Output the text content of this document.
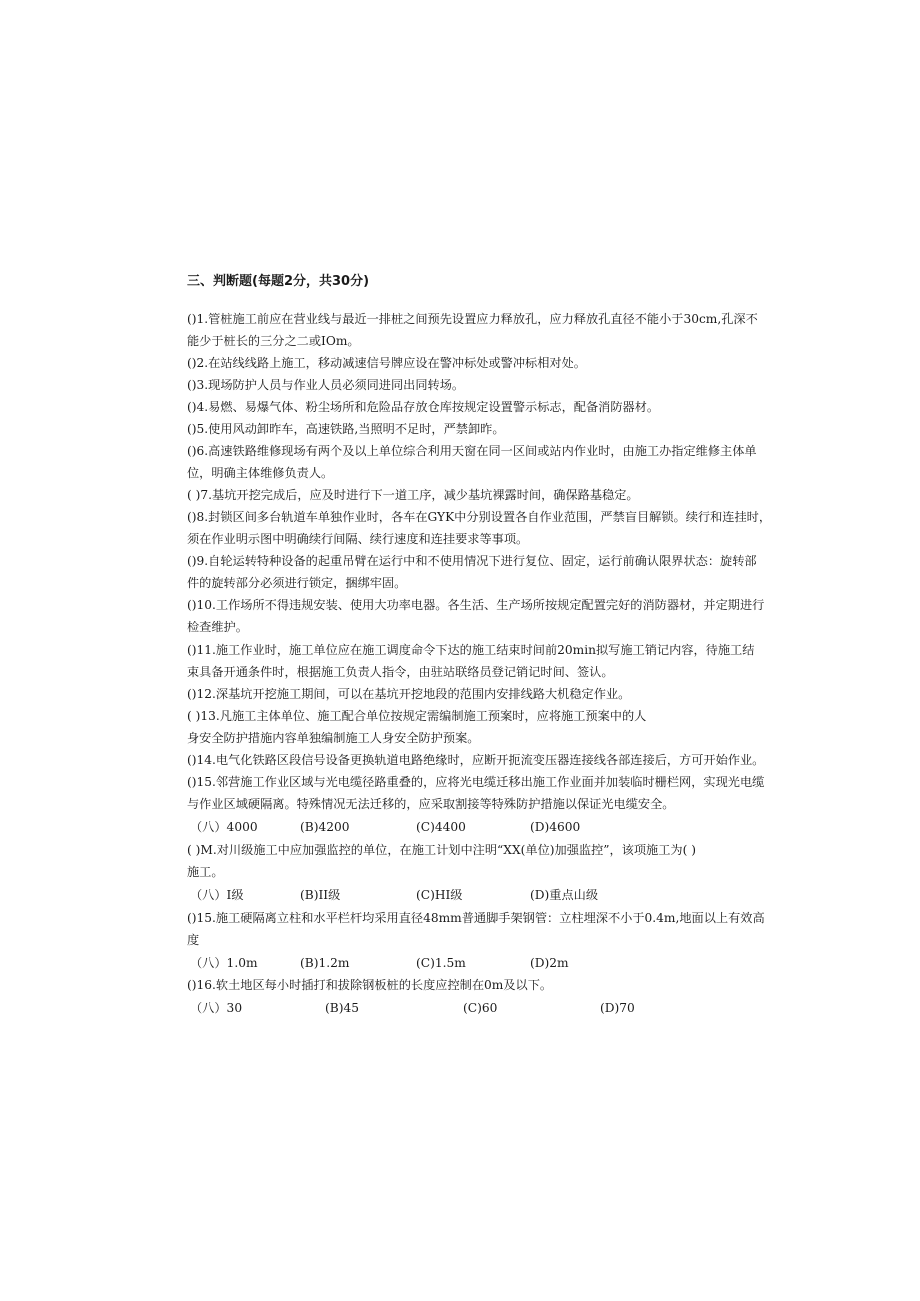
三、判断题(每题2分，共30分)
()1.管桩施工前应在营业线与最近一排桩之间预先设置应力释放孔，应力释放孔直径不能小于30cm,孔深不
能少于桩长的三分之二或IOm。
()2.在站线线路上施工，移动减速信号牌应设在警冲标处或警冲标相对处。
()3.现场防护人员与作业人员必须同进同出同转场。
()4.易燃、易爆气体、粉尘场所和危险品存放仓库按规定设置警示标志，配备消防器材。
()5.使用风动卸昨车，高速铁路,当照明不足时，严禁卸昨。
()6.高速铁路维修现场有两个及以上单位综合利用天窗在同一区间或站内作业时，由施工办指定维修主体单
位，明确主体维修负责人。
( )7.基坑开挖完成后，应及时进行下一道工序，减少基坑裸露时间，确保路基稳定。
()8.封锁区间多台轨道车单独作业时，各车在GYK中分别设置各自作业范围，严禁盲目解锁。续行和连挂时，
须在作业明示图中明确续行间隔、续行速度和连挂要求等事项。
()9.自轮运转特种设备的起重吊臂在运行中和不使用情况下进行复位、固定，运行前确认限界状态：旋转部
件的旋转部分必须进行锁定，捆绑牢固。
()10.工作场所不得违规安装、使用大功率电器。各生活、生产场所按规定配置完好的消防器材，并定期进行
检查维护。
()11.施工作业时，施工单位应在施工调度命令下达的施工结束时间前20min拟写施工销记内容，待施工结
束具备开通条件时，根据施工负责人指令，由驻站联络员登记销记时间、签认。
()12.深基坑开挖施工期间，可以在基坑开挖地段的范围内安排线路大机稳定作业。
( )13.凡施工主体单位、施工配合单位按规定需编制施工预案时，应将施工预案中的人
身安全防护措施内容单独编制施工人身安全防护预案。
()14.电气化铁路区段信号设备更换轨道电路绝缘时，应断开扼流变压器连接线各部连接后，方可开始作业。
()15.邻营施工作业区域与光电缆径路重叠的，应将光电缆迁移出施工作业面并加装临时栅栏网，实现光电缆
与作业区域硬隔离。特殊情况无法迁移的，应采取割接等特殊防护措施以保证光电缆安全。
（八）4000	(B)4200	(C)4400	(D)4600
( )M.对川级施工中应加强监控的单位，在施工计划中注明“XX(单位)加强监控”，该项施工为( )
施工。
（八）I级	(B)II级	(C)HI级	(D)重点山级
()15.施工硬隔离立柱和水平栏杆均采用直径48mm普通脚手架钢管：立柱埋深不小于0.4m,地面以上有效高
度
（八）1.0m	(B)1.2m	(C)1.5m	(D)2m
()16.软土地区每小时插打和拔除钢板桩的长度应控制在0m及以下。
（八）30	(B)45	(C)60	(D)70
